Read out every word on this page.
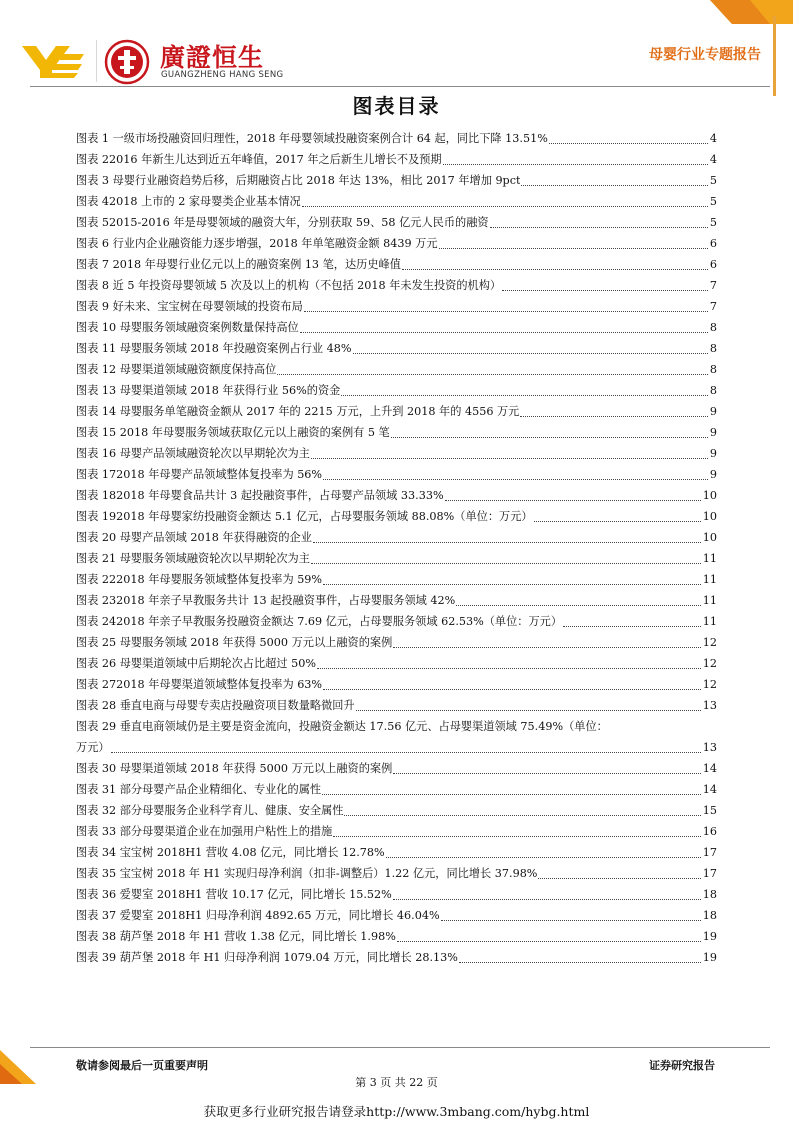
廣證恒生
GUANGZHENG HANG SENG
母婴行业专题报告
图表目录
图表 1 一级市场投融资回归理性，2018 年母婴领域投融资案例合计 64 起，同比下降 13.51%	4
图表 22016 年新生儿达到近五年峰值，2017 年之后新生儿增长不及预期	4
图表 3 母婴行业融资趋势后移，后期融资占比 2018 年达 13%，相比 2017 年增加 9pct	5
图表 42018 上市的 2 家母婴类企业基本情况	5
图表 52015-2016 年是母婴领域的融资大年，分别获取 59、58 亿元人民币的融资	5
图表 6 行业内企业融资能力逐步增强，2018 年单笔融资金额 8439 万元	6
图表 7 2018 年母婴行业亿元以上的融资案例 13 笔，达历史峰值	6
图表 8 近 5 年投资母婴领域 5 次及以上的机构（不包括 2018 年未发生投资的机构）	7
图表 9 好未来、宝宝树在母婴领域的投资布局	7
图表 10 母婴服务领域融资案例数量保持高位	8
图表 11 母婴服务领域 2018 年投融资案例占行业 48%	8
图表 12 母婴渠道领域融资额度保持高位	8
图表 13 母婴渠道领域 2018 年获得行业 56%的资金	8
图表 14 母婴服务单笔融资金额从 2017 年的 2215 万元，上升到 2018 年的 4556 万元	9
图表 15 2018 年母婴服务领域获取亿元以上融资的案例有 5 笔	9
图表 16 母婴产品领域融资轮次以早期轮次为主	9
图表 172018 年母婴产品领域整体复投率为 56%	9
图表 182018 年母婴食品共计 3 起投融资事件，占母婴产品领域 33.33%	10
图表 192018 年母婴家纺投融资金额达 5.1 亿元，占母婴服务领域 88.08%（单位：万元）	10
图表 20 母婴产品领域 2018 年获得融资的企业	10
图表 21 母婴服务领域融资轮次以早期轮次为主	11
图表 222018 年母婴服务领域整体复投率为 59%	11
图表 232018 年亲子早教服务共计 13 起投融资事件，占母婴服务领域 42%	11
图表 242018 年亲子早教服务投融资金额达 7.69 亿元，占母婴服务领域 62.53%（单位：万元）	11
图表 25 母婴服务领域 2018 年获得 5000 万元以上融资的案例	12
图表 26 母婴渠道领域中后期轮次占比超过 50%	12
图表 272018 年母婴渠道领域整体复投率为 63%	12
图表 28 垂直电商与母婴专卖店投融资项目数量略微回升	13
图表 29 垂直电商领域仍是主要是资金流向，投融资金额达 17.56 亿元、占母婴渠道领域 75.49%（单位：
万元）	13
图表 30 母婴渠道领域 2018 年获得 5000 万元以上融资的案例	14
图表 31 部分母婴产品企业精细化、专业化的属性	14
图表 32 部分母婴服务企业科学育儿、健康、安全属性	15
图表 33 部分母婴渠道企业在加强用户粘性上的措施	16
图表 34 宝宝树 2018H1 营收 4.08 亿元，同比增长 12.78%	17
图表 35 宝宝树 2018 年 H1 实现归母净利润（扣非-调整后）1.22 亿元，同比增长 37.98%	17
图表 36 爱婴室 2018H1 营收 10.17 亿元，同比增长 15.52%	18
图表 37 爱婴室 2018H1 归母净利润 4892.65 万元，同比增长 46.04%	18
图表 38 葫芦堡 2018 年 H1 营收 1.38 亿元，同比增长 1.98%	19
图表 39 葫芦堡 2018 年 H1 归母净利润 1079.04 万元，同比增长 28.13%	19
敬请参阅最后一页重要声明	证券研究报告
第 3 页 共 22 页
获取更多行业研究报告请登录http://www.3mbang.com/hybg.html
